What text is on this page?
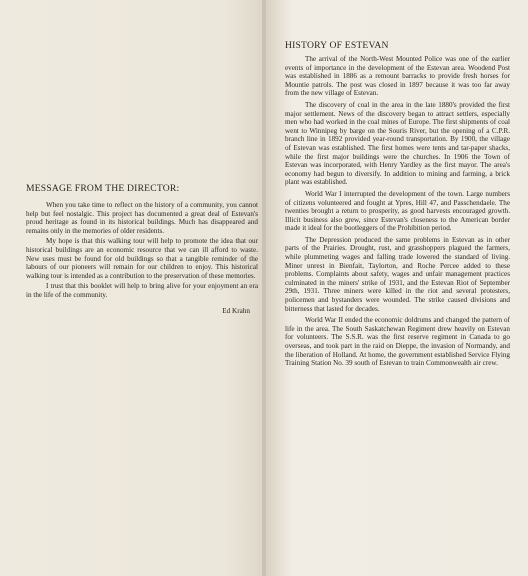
MESSAGE FROM THE DIRECTOR:

When you take time to reflect on the history of a community, you cannot help but feel nostalgic. This project has documented a great deal of Estevan's proud heritage as found in its historical buildings. Much has disappeared and remains only in the memories of older residents.

My hope is that this walking tour will help to promote the idea that our historical buildings are an economic resource that we can ill afford to waste. New uses must be found for old buildings so that a tangible reminder of the labours of our pioneers will remain for our children to enjoy. This historical walking tour is intended as a contribution to the preservation of these memories.

I trust that this booklet will help to bring alive for your enjoyment an era in the life of the community.

Ed Krahn
HISTORY OF ESTEVAN

The arrival of the North-West Mounted Police was one of the earlier events of importance in the development of the Estevan area. Woodend Post was established in 1886 as a remount barracks to provide fresh horses for Mountie patrols. The post was closed in 1897 because it was too far away from the new village of Estevan.

The discovery of coal in the area in the late 1880's provided the first major settlement. News of the discovery began to attract settlers, especially men who had worked in the coal mines of Europe. The first shipments of coal went to Winnipeg by barge on the Souris River, but the opening of a C.P.R. branch line in 1892 provided year-round transportation. By 1900, the village of Estevan was established. The first homes were tents and tar-paper shacks, while the first major buildings were the churches. In 1906 the Town of Estevan was incorporated, with Henry Yardley as the first mayor. The area's economy had begun to diversify. In addition to mining and farming, a brick plant was established.

World War I interrupted the development of the town. Large numbers of citizens volunteered and fought at Ypres, Hill 47, and Passchendaele. The twenties brought a return to prosperity, as good harvests encouraged growth. Illicit business also grew, since Estevan's closeness to the American border made it ideal for the bootleggers of the Prohibition period.

The Depression produced the same problems in Estevan as in other parts of the Prairies. Drought, rust, and grasshoppers plagued the farmers, while plummeting wages and falling trade lowered the standard of living. Miner unrest in Bienfait, Taylorton, and Roche Percee added to these problems. Complaints about safety, wages and unfair management practices culminated in the miners' strike of 1931, and the Estevan Riot of September 29th, 1931. Three miners were killed in the riot and several protesters, policemen and bystanders were wounded. The strike caused divisions and bitterness that lasted for decades.

World War II ended the economic doldrums and changed the pattern of life in the area. The South Saskatchewan Regiment drew heavily on Estevan for volunteers. The S.S.R. was the first reserve regiment in Canada to go overseas, and took part in the raid on Dieppe, the invasion of Normandy, and the liberation of Holland. At home, the government established Service Flying Training Station No. 39 south of Estevan to train Commonwealth air crew.
